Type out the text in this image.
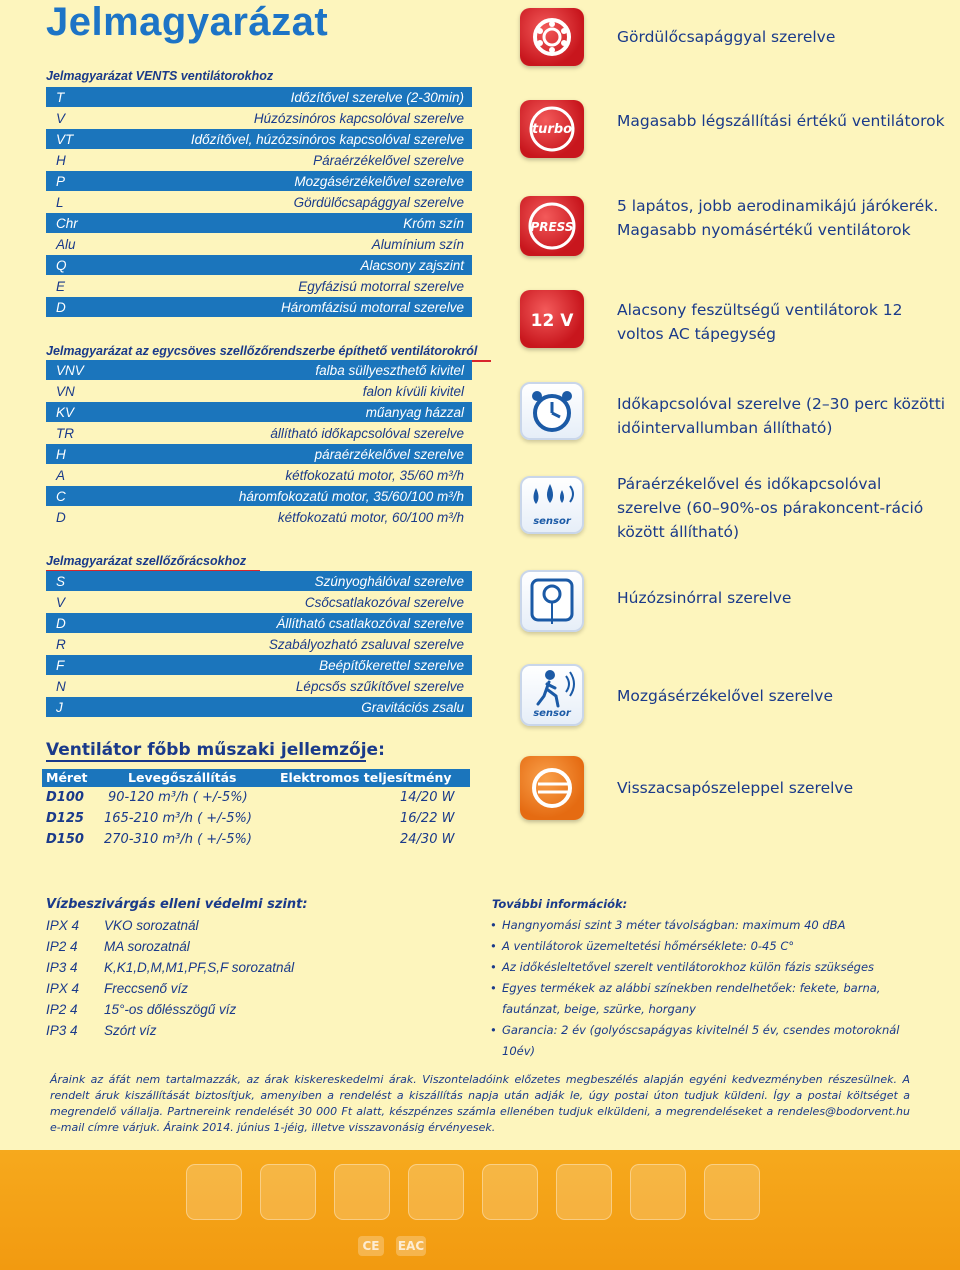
Jelmagyarázat
Jelmagyarázat VENTS ventilátorokhoz
T	Időzítővel szerelve (2-30min)
V	Húzózsinóros kapcsolóval szerelve
VT	Időzítővel, húzózsinóros kapcsolóval szerelve
H	Páraérzékelővel szerelve
P	Mozgásérzékelővel szerelve
L	Gördülőcsapággyal szerelve
Chr	Króm szín
Alu	Alumínium szín
Q	Alacsony zajszint
E	Egyfázisú motorral szerelve
D	Háromfázisú motorral szerelve
Jelmagyarázat az egycsöves szellőzőrendszerbe építhető ventilátorokról
VNV	falba süllyeszthető kivitel
VN	falon kívüli kivitel
KV	műanyag házzal
TR	állítható időkapcsolóval szerelve
H	páraérzékelővel szerelve
A	kétfokozatú motor, 35/60 m³/h
C	háromfokozatú motor, 35/60/100 m³/h
D	kétfokozatú motor, 60/100 m³/h
Jelmagyarázat szellőzőrácsokhoz
S	Szúnyoghálóval szerelve
V	Csőcsatlakozóval szerelve
D	Állítható csatlakozóval szerelve
R	Szabályozható zsaluval szerelve
F	Beépítőkerettel szerelve
N	Lépcsős szűkítővel szerelve
J	Gravitációs zsalu
Ventilátor főbb műszaki jellemzője:
Méret	Levegőszállítás	Elektromos teljesítmény
D100 90-120 m³/h ( +/-5%)	14/20 W
D125 165-210 m³/h ( +/-5%)	16/22 W
D150 270-310 m³/h ( +/-5%)	24/30 W
turbo
PRESS
12 V
sensor
sensor
Gördülőcsapággyal szerelve
Magasabb légszállítási értékű ventilátorok
5 lapátos, jobb aerodinamikájú járókerék. Magasabb nyomásértékű ventilátorok
Alacsony feszültségű ventilátorok 12 voltos AC tápegység
Időkapcsolóval szerelve (2–30 perc közötti időintervallumban állítható)
Páraérzékelővel és időkapcsolóval szerelve (60–90%-os párakoncent-ráció között állítható)
Húzózsinórral szerelve
Mozgásérzékelővel szerelve
Visszacsapószeleppel szerelve
Vízbeszivárgás elleni védelmi szint:
IPX 4 VKO sorozatnál
IP2 4 MA sorozatnál
IP3 4 K,K1,D,M,M1,PF,S,F sorozatnál
IPX 4 Freccsenő víz
IP2 4 15°-os dőlésszögű víz
IP3 4 Szórt víz
További információk:
• Hangnyomási szint 3 méter távolságban: maximum 40 dBA
• A ventilátorok üzemeltetési hőmérséklete: 0-45 C°
• Az időkésleltetővel szerelt ventilátorokhoz külön fázis szükséges
• Egyes termékek az alábbi színekben rendelhetőek: fekete, barna, fautánzat, beige, szürke, horgany
• Garancia: 2 év (golyóscsapágyas kivitelnél 5 év, csendes motoroknál 10év)
Áraink az áfát nem tartalmazzák, az árak kiskereskedelmi árak. Viszonteladóink előzetes megbeszélés alapján egyéni kedvezményben részesülnek. A rendelt áruk kiszállítását biztosítjuk, amenyiben a rendelést a kiszállítás napja után adják le, úgy postai úton tudjuk küldeni. Így a postai költséget a megrendelő vállalja. Partnereink rendelését 30 000 Ft alatt, készpénzes számla ellenében tudjuk elküldeni, a megrendeléseket a rendeles@bodorvent.hu e-mail címre várjuk. Áraink 2014. június 1-jéig, illetve visszavonásig érvényesek.
CE	EAC
